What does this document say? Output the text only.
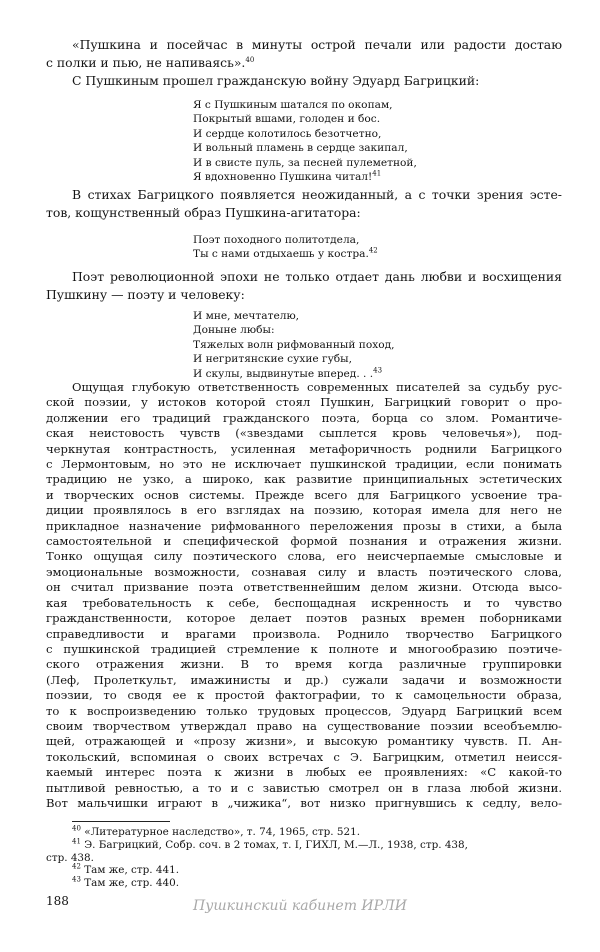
«Пушкина и посейчас в минуты острой печали или радости достаю
с полки и пью, не напиваясь».$^{40}$
С Пушкиным прошел гражданскую войну Эдуард Багрицкий:
Я с Пушкиным шатался по окопам,
Покрытый вшами, голоден и бос.
И сердце колотилось безотчетно,
И вольный пламень в сердце закипал,
И в свисте пуль, за песней пулеметной,
Я вдохновенно Пушкина читал!$^{41}$
В стихах Багрицкого появляется неожиданный, а с точки зрения эсте-
тов, кощунственный образ Пушкина-агитатора:
Поэт походного политотдела,
Ты с нами отдыхаешь у костра.$^{42}$
Поэт революционной эпохи не только отдает дань любви и восхищения
Пушкину — поэту и человеку:
И мне, мечтателю,
Доныне любы:
Тяжелых волн рифмованный поход,
И негритянские сухие губы,
И скулы, выдвинутые вперед. . .$^{43}$
Ощущая глубокую ответственность современных писателей за судьбу рус-
ской поэзии, у истоков которой стоял Пушкин, Багрицкий говорит о про-
должении его традиций гражданского поэта, борца со злом. Романтиче-
ская неистовость чувств («звездами сыплется кровь человечья»), под-
черкнутая контрастность, усиленная метафоричность роднили Багрицкого
с Лермонтовым, но это не исключает пушкинской традиции, если понимать
традицию не узко, а широко, как развитие принципиальных эстетических
и творческих основ системы. Прежде всего для Багрицкого усвоение тра-
диции проявлялось в его взглядах на поэзию, которая имела для него не
прикладное назначение рифмованного переложения прозы в стихи, а была
самостоятельной и специфической формой познания и отражения жизни.
Тонко ощущая силу поэтического слова, его неисчерпаемые смысловые и
эмоциональные возможности, сознавая силу и власть поэтического слова,
он считал призвание поэта ответственнейшим делом жизни. Отсюда высо-
кая требовательность к себе, беспощадная искренность и то чувство
гражданственности, которое делает поэтов разных времен поборниками
справедливости и врагами произвола. Роднило творчество Багрицкого
с пушкинской традицией стремление к полноте и многообразию поэтиче-
ского отражения жизни. В то время когда различные группировки
(Леф, Пролеткульт, имажинисты и др.) сужали задачи и возможности
поэзии, то сводя ее к простой фактографии, то к самоцельности образа,
то к воспроизведению только трудовых процессов, Эдуард Багрицкий всем
своим творчеством утверждал право на существование поэзии всеобъемлю-
щей, отражающей и «прозу жизни», и высокую романтику чувств. П. Ан-
токольский, вспоминая о своих встречах с Э. Багрицким, отметил неисся-
каемый интерес поэта к жизни в любых ее проявлениях: «С какой-то
пытливой ревностью, а то и с завистью смотрел он в глаза любой жизни.
Вот мальчишки играют в „чижика“, вот низко пригнувшись к седлу, вело-
$^{40}$ «Литературное наследство», т. 74, 1965, стр. 521.
$^{41}$ Э. Багрицкий, Собр. соч. в 2 томах, т. I, ГИХЛ, М.—Л., 1938, стр. 438,
стр. 438.
$^{42}$ Там же, стр. 441.
$^{43}$ Там же, стр. 440.
188	Пушкинский кабинет ИРЛИ
